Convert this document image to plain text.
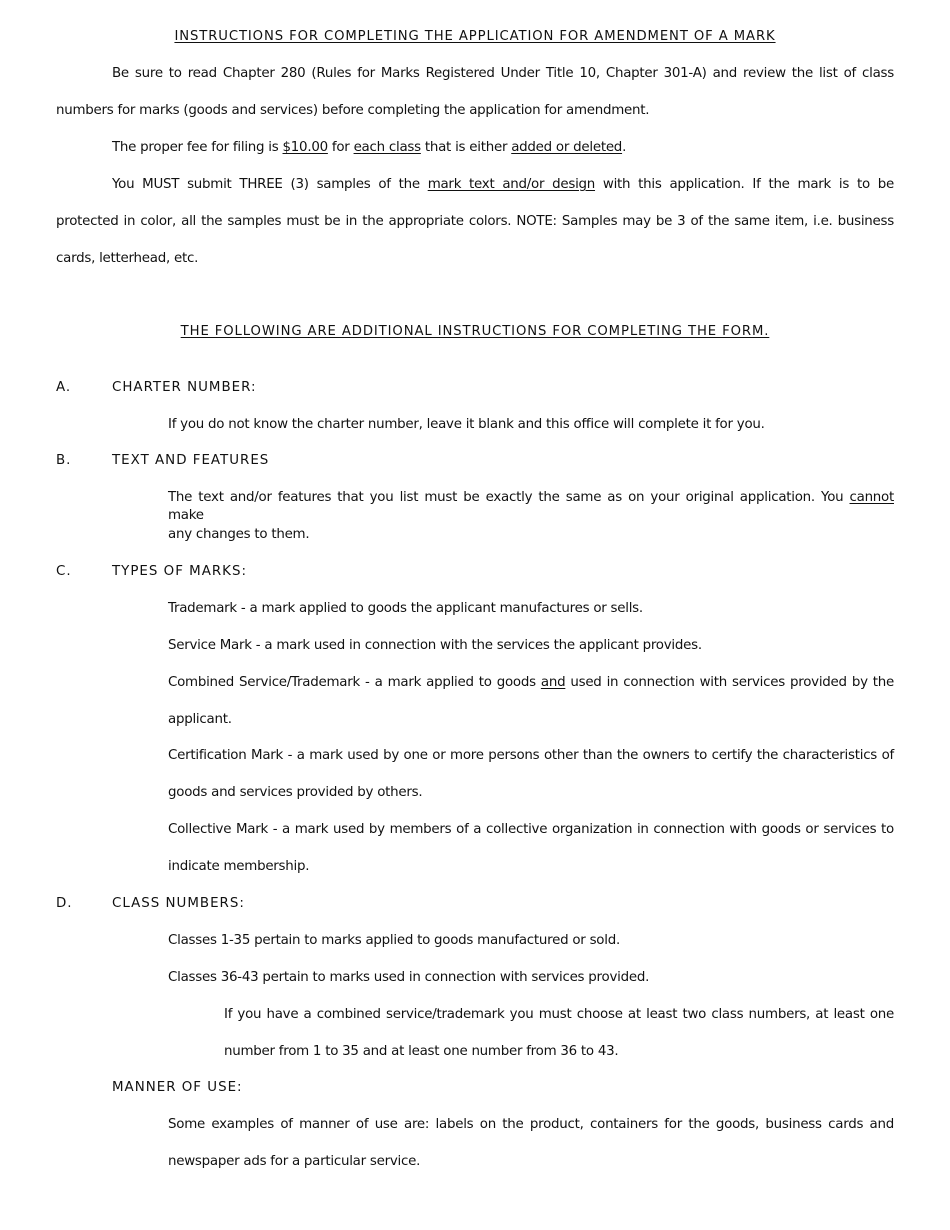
INSTRUCTIONS FOR COMPLETING THE APPLICATION FOR AMENDMENT OF A MARK
Be sure to read Chapter 280 (Rules for Marks Registered Under Title 10, Chapter 301-A) and review the list of class
numbers for marks (goods and services) before completing the application for amendment.
The proper fee for filing is $10.00 for each class that is either added or deleted.
You MUST submit THREE (3) samples of the mark text and/or design with this application. If the mark is to be
protected in color, all the samples must be in the appropriate colors. NOTE: Samples may be 3 of the same item, i.e. business
cards, letterhead, etc.
THE FOLLOWING ARE ADDITIONAL INSTRUCTIONS FOR COMPLETING THE FORM.
A.	CHARTER NUMBER:
If you do not know the charter number, leave it blank and this office will complete it for you.
B.	TEXT AND FEATURES
The text and/or features that you list must be exactly the same as on your original application. You cannot make
any changes to them.
C.	TYPES OF MARKS:
Trademark - a mark applied to goods the applicant manufactures or sells.
Service Mark - a mark used in connection with the services the applicant provides.
Combined Service/Trademark - a mark applied to goods and used in connection with services provided by the
applicant.
Certification Mark - a mark used by one or more persons other than the owners to certify the characteristics of
goods and services provided by others.
Collective Mark - a mark used by members of a collective organization in connection with goods or services to
indicate membership.
D.	CLASS NUMBERS:
Classes 1-35 pertain to marks applied to goods manufactured or sold.
Classes 36-43 pertain to marks used in connection with services provided.
If you have a combined service/trademark you must choose at least two class numbers, at least one
number from 1 to 35 and at least one number from 36 to 43.
MANNER OF USE:
Some examples of manner of use are: labels on the product, containers for the goods, business cards and
newspaper ads for a particular service.
